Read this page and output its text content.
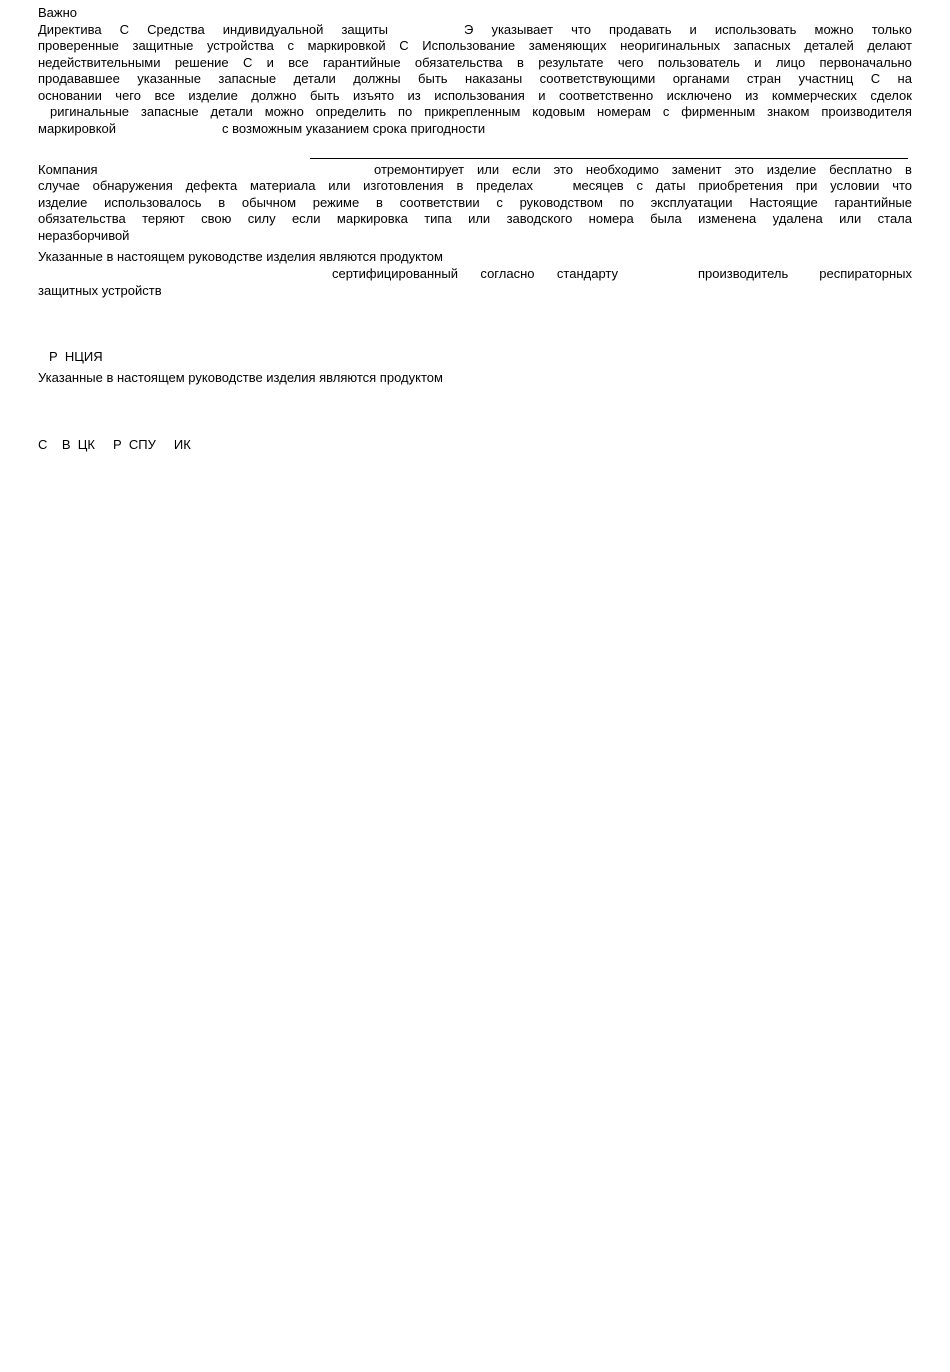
Важно
Директива С Средства индивидуальной защиты	Э указывает что продавать и использовать можно только
проверенные защитные устройства с маркировкой С Использование заменяющих неоригинальных запасных деталей делают
недействительными решение С и все гарантийные обязательства в результате чего пользователь и лицо первоначально
продававшее указанные запасные детали должны быть наказаны соответствующими органами стран участниц С на
основании чего все изделие должно быть изъято из использования и соответственно исключено из коммерческих сделок
ригинальные запасные детали можно определить по прикрепленным кодовым номерам с фирменным знаком производителя
маркировкой	с возможным указанием срока пригодности
Компания	отремонтирует или если это необходимо заменит это изделие бесплатно в
случае обнаружения дефекта материала или изготовления в пределах	месяцев с даты приобретения при условии что
изделие использовалось в обычном режиме в соответствии с руководством по эксплуатации Настоящие гарантийные
обязательства теряют свою силу если маркировка типа или заводского номера была изменена удалена или стала
неразборчивой
Указанные в настоящем руководстве изделия являются продуктом
сертифицированный согласно стандарту	производитель респираторных
защитных устройств
Р  НЦИЯ
Указанные в настоящем руководстве изделия являются продуктом
С    В  ЦК     Р  СПУ     ИК
